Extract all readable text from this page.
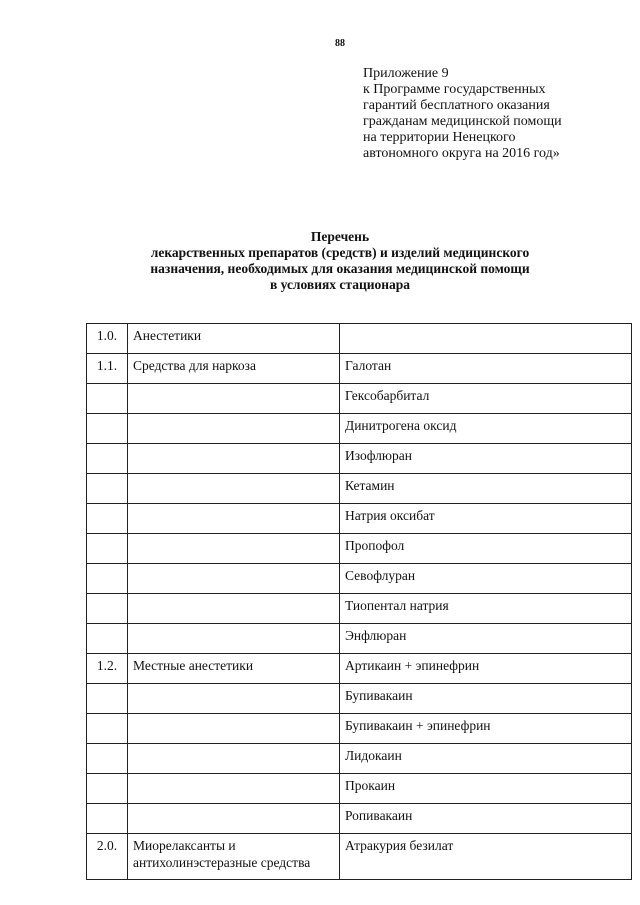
88
Приложение 9
к Программе государственных
гарантий бесплатного оказания
гражданам медицинской помощи
на территории Ненецкого
автономного округа на 2016 год»
Перечень
лекарственных препаратов (средств) и изделий медицинского
назначения, необходимых для оказания медицинской помощи
в условиях стационара
1.0.	Анестетики	
1.1.	Средства для наркоза	Галотан
		Гексобарбитал
		Динитрогена оксид
		Изофлюран
		Кетамин
		Натрия оксибат
		Пропофол
		Севофлуран
		Тиопентал натрия
		Энфлюран
1.2.	Местные анестетики	Артикаин + эпинефрин
		Бупивакаин
		Бупивакаин + эпинефрин
		Лидокаин
		Прокаин
		Ропивакаин
2.0.	Миорелаксанты и антихолинэстеразные средства	Атракурия безилат
